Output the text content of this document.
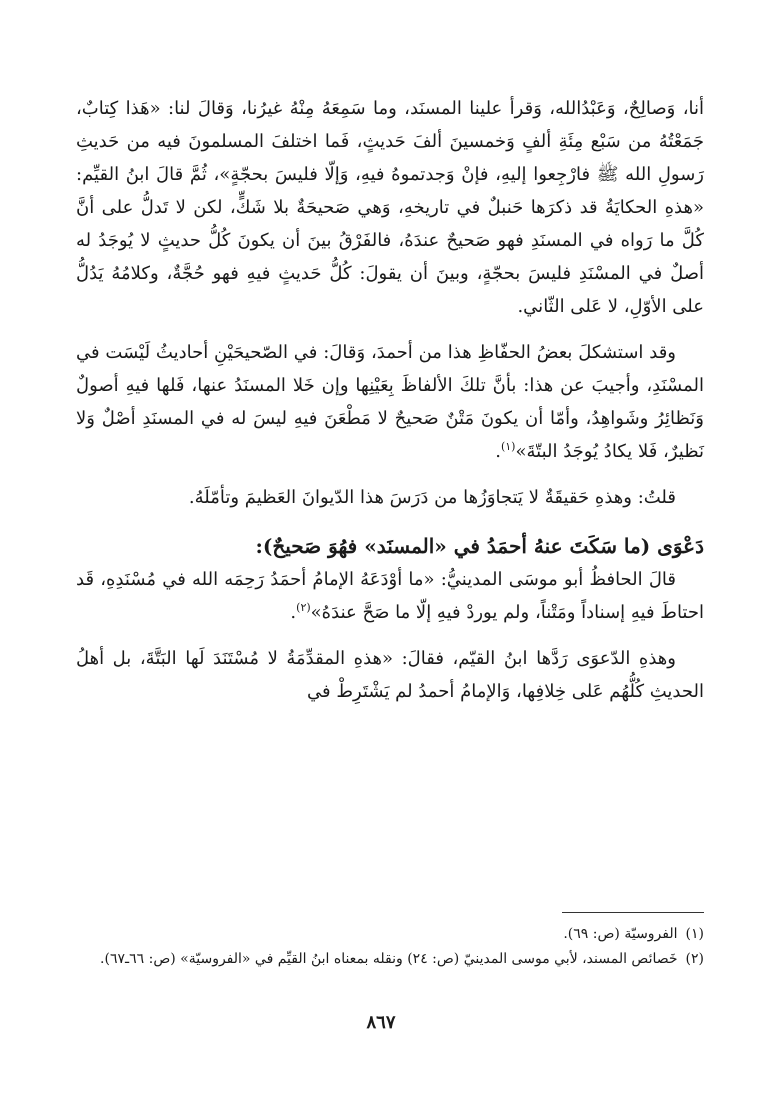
أنا، وَصالِحٌ، وَعَبْدُالله، وَقرأ علينا المسنَد، وما سَمِعَهُ مِنْهُ غيرُنا، وَقالَ لنا: «هَذا كِتابٌ، جَمَعْتُهُ من سَبْع مِئَةِ ألفٍ وَخمسينَ ألفَ حَديثٍ، فَما اختلفَ المسلمونَ فيه من حَديثِ رَسولِ الله ﷺ فارْجِعوا إليهِ، فإنْ وَجدتموهُ فيهِ، وَإلّا فليسَ بحجّةٍ»، ثُمَّ قالَ ابنُ القيِّم: «هذهِ الحكايَةُ قد ذكرَها حَنبلٌ في تاريخهِ، وَهي صَحيحَةٌ بلا شَكٍّ، لكن لا تَدلُّ على أنَّ كُلَّ ما رَواه في المسنَدِ فهو صَحيحٌ عندَهُ، فالفَرْقُ بينَ أن يكونَ كُلُّ حديثٍ لا يُوجَدُ له أصلٌ في المسْنَدِ فليسَ بحجّةٍ، وبينَ أن يقولَ: كُلُّ حَديثٍ فيهِ فهو حُجَّةٌ، وكلامُهُ يَدُلُّ على الأوّلِ، لا عَلى الثّاني.

وقد استشكلَ بعضُ الحفّاظِ هذا من أحمدَ، وَقالَ: في الصّحيحَيْنِ أحاديثُ لَيْسَت في المسْنَدِ، وأجيبَ عن هذا: بأنَّ تلكَ الألفاظَ بِعَيْنِها وإن خَلا المسنَدُ عنها، فَلها فيهِ أصولٌ وَنَظائِرُ وشَواهِدُ، وأمّا أن يكونَ مَتْنٌ صَحيحٌ لا مَطْعَنَ فيهِ ليسَ له في المسنَدِ أصْلٌ وَلا نَظيرٌ، فَلا يكادُ يُوجَدُ البتّةَ»$^{(١)}$.

قلتُ: وهذهِ حَقيقَةٌ لا يَتجاوَزُها من دَرَسَ هذا الدّيوانَ العَظيمَ وتأمّلَهُ.

دَعْوَى (ما سَكَتَ عنهُ أحمَدُ في «المسنَد» فهُوَ صَحيحٌ):

قالَ الحافظُ أبو موسَى المدينيُّ: «ما أوْدَعَهُ الإمامُ أحمَدُ رَحِمَه الله في مُسْنَدِهِ، قَد احتاطَ فيهِ إسناداً ومَتْناً، ولم يوردْ فيهِ إلّا ما صَحَّ عندَهُ»$^{(٢)}$.

وهذهِ الدّعوَى رَدَّها ابنُ القيّم، فقالَ: «هذهِ المقدِّمَةُ لا مُسْتَنَدَ لَها البَتَّةَ، بل أهلُ الحديثِ كُلُّهُم عَلى خِلافِها، وَالإمامُ أحمدُ لم يَشْتَرِطْ في

(١)الفروسيّة (ص: ٦٩).

(٢)خَصائص المسند، لأبي موسى المدينيّ (ص: ٢٤) ونقله بمعناه ابنُ القيِّم في «الفروسيّة» (ص: ٦٦ـ٦٧).

٨٦٧
